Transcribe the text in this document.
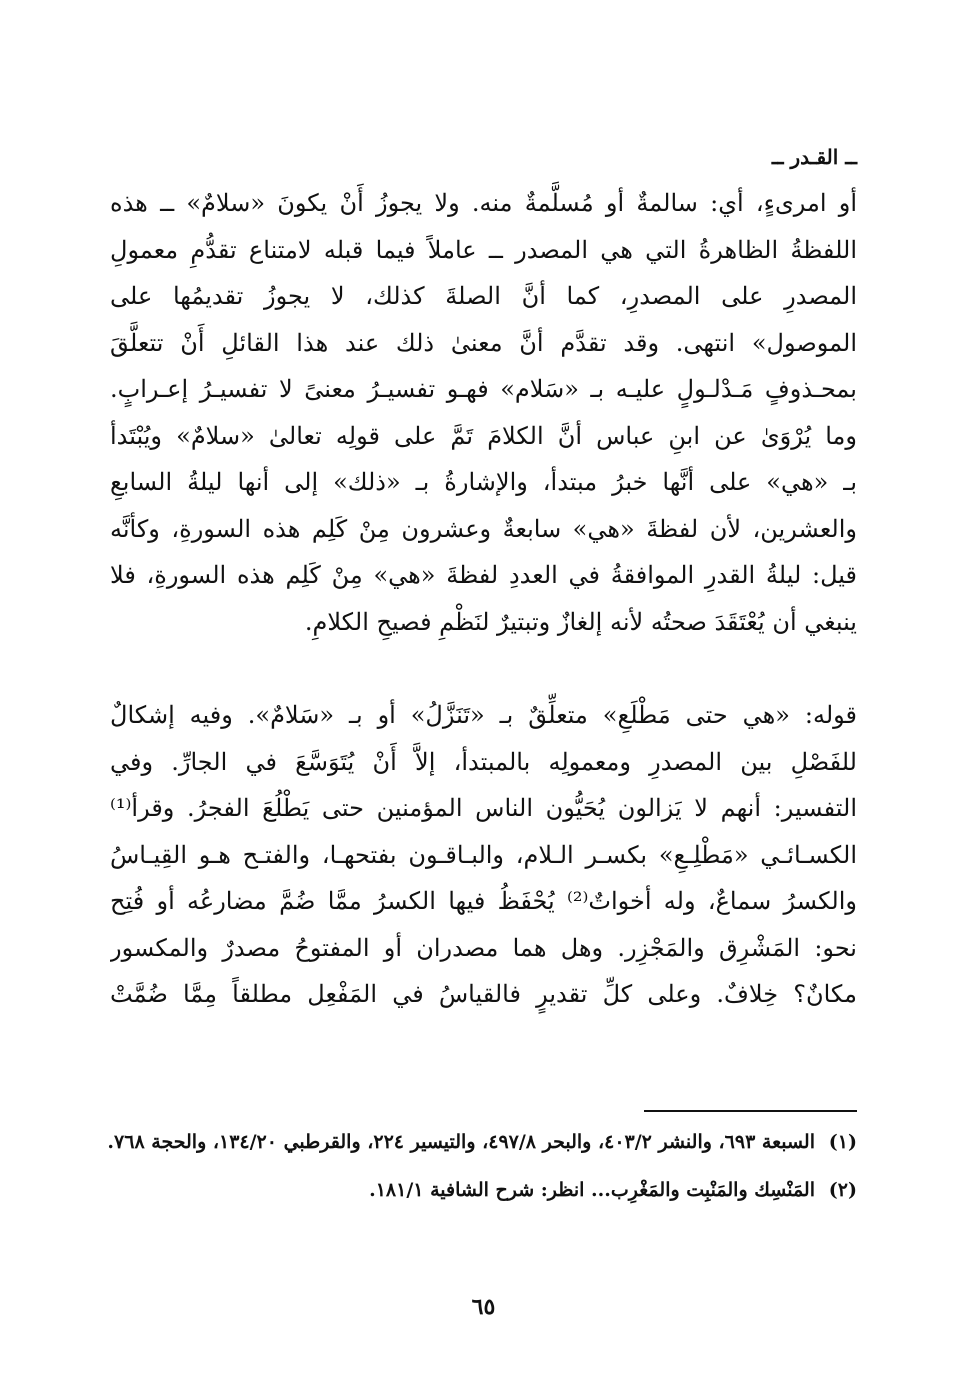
ــ القـدر ــ
أو امرىءٍ، أي: سالمةٌ أو مُسلَّمةٌ منه. ولا يجوزُ أَنْ يكونَ «سلامٌ» ــ هذه
اللفظةُ الظاهرةُ التي هي المصدر ــ عاملاً فيما قبله لامتناع تقدُّمِ معمولِ
المصدرِ على المصدرِ، كما أنَّ الصلةَ كذلك، لا يجوزُ تقديمُها على
الموصول» انتهى. وقد تقدَّم أنَّ معنىٰ ذلك عند هذا القائلِ أَنْ تتعلَّقَ
بمحـذوفٍ مَـدْلـولٍ عليـه بـ «سَلام» فهـو تفسيـرُ معنىً لا تفسيـرُ إعـرابٍ.
وما يُرْوَىٰ عن ابنِ عباس أنَّ الكلامَ تَمَّ على قولِه تعالىٰ «سلامٌ» ويُبْتَدأ
بـ «هي» على أنَّها خبرُ مبتدأ، والإشارةُ بـ «ذلك» إلى أنها ليلةُ السابعِ
والعشرين، لأن لفظةَ «هي» سابعةٌ وعشرون مِنْ كَلِم هذه السورةِ، وكأنَّه
قيل: ليلةُ القدرِ الموافقةُ في العددِ لفظةَ «هي» مِنْ كَلِم هذه السورةِ، فلا
ينبغي أن يُعْتَقَدَ صحتُه لأنه إلغازٌ وتبتيرٌ لنَظْمِ فصيحِ الكلامِ.
قوله: «هي حتى مَطْلَعِ» متعلِّقٌ بـ «تَنَزَّلُ» أو بـ «سَلامٌ». وفيه إشكالٌ
للفَصْلِ بين المصدرِ ومعمولِه بالمبتدأ، إلاَّ أَنْ يُتَوَسَّعَ في الجارِّ. وفي
التفسير: أنهم لا يَزالون يُحَيُّون الناس المؤمنين حتى يَطْلُعَ الفجرُ. وقرأ⁽¹⁾
الكسـائـي «مَطْلِـعِ» بكسـر الـلام، والبـاقـون بفتحهـا، والفتـح هـو القِيـاسُ
والكسرُ سماعٌ، وله أخواتٌ⁽²⁾ يُحْفَظُ فيها الكسرُ ممَّا ضُمَّ مضارعُه أو فُتِح
نحو: المَشْرِق والمَجْزِر. وهل هما مصدران أو المفتوحُ مصدرٌ والمكسور
مكانٌ؟ خِلافٌ. وعلى كلِّ تقديرٍ فالقياسُ في المَفْعِل مطلقاً مِمَّا ضُمَّتْ
(١)
السبعة ٦٩٣، والنشر ٤٠٣/٢، والبحر ٤٩٧/٨، والتيسير ٢٢٤، والقرطبي ١٣٤/٢٠، والحجة ٧٦٨.
(٢)
المَنْسِك والمَنْبِت والمَغْرِب... انظر: شرح الشافية ١٨١/١.
٦٥
